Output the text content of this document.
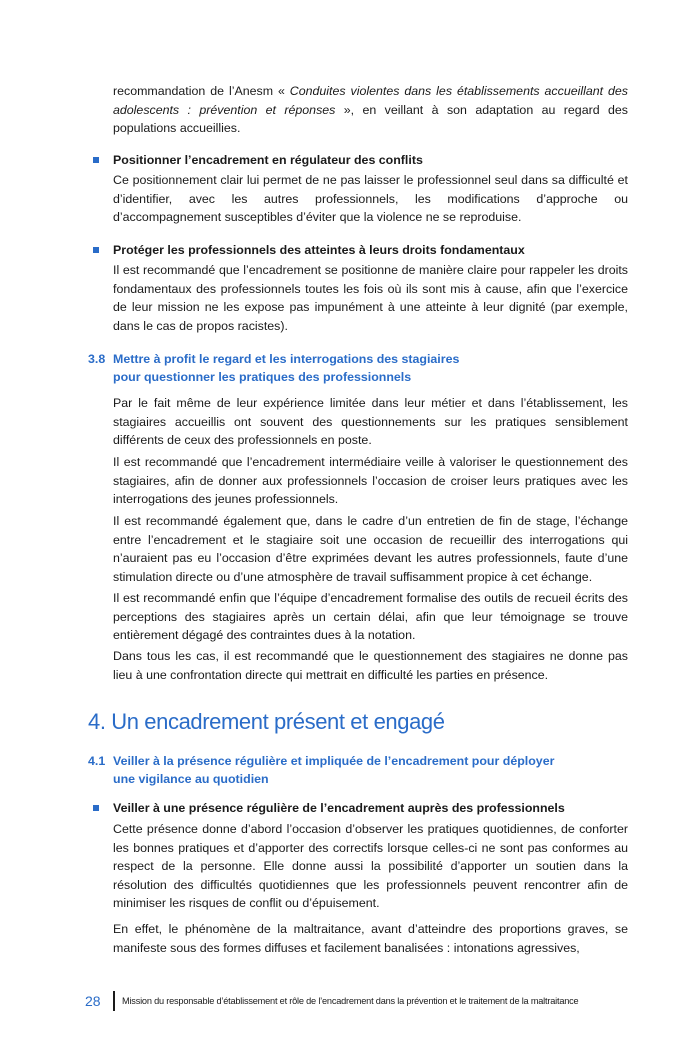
recommandation de l’Anesm « Conduites violentes dans les établissements accueillant des adolescents : prévention et réponses », en veillant à son adaptation au regard des populations accueillies.

Positionner l’encadrement en régulateur des conflits

Ce positionnement clair lui permet de ne pas laisser le professionnel seul dans sa difficulté et d’identifier, avec les autres professionnels, les modifications d’approche ou d’accompagnement susceptibles d’éviter que la violence ne se reproduise.

Protéger les professionnels des atteintes à leurs droits fondamentaux

Il est recommandé que l’encadrement se positionne de manière claire pour rappeler les droits fondamentaux des professionnels toutes les fois où ils sont mis à cause, afin que l’exercice de leur mission ne les expose pas impunément à une atteinte à leur dignité (par exemple, dans le cas de propos racistes).

3.8 Mettre à profit le regard et les interrogations des stagiaires
pour questionner les pratiques des professionnels

Par le fait même de leur expérience limitée dans leur métier et dans l’établissement, les stagiaires accueillis ont souvent des questionnements sur les pratiques sensiblement différents de ceux des professionnels en poste.

Il est recommandé que l’encadrement intermédiaire veille à valoriser le questionnement des stagiaires, afin de donner aux professionnels l’occasion de croiser leurs pratiques avec les interrogations des jeunes professionnels.

Il est recommandé également que, dans le cadre d’un entretien de fin de stage, l’échange entre l’encadrement et le stagiaire soit une occasion de recueillir des interrogations qui n’auraient pas eu l’occasion d’être exprimées devant les autres professionnels, faute d’une stimulation directe ou d’une atmosphère de travail suffisamment propice à cet échange.

Il est recommandé enfin que l’équipe d’encadrement formalise des outils de recueil écrits des perceptions des stagiaires après un certain délai, afin que leur témoignage se trouve entièrement dégagé des contraintes dues à la notation.

Dans tous les cas, il est recommandé que le questionnement des stagiaires ne donne pas lieu à une confrontation directe qui mettrait en difficulté les parties en présence.

4. Un encadrement présent et engagé
4.1 Veiller à la présence régulière et impliquée de l’encadrement pour déployer
une vigilance au quotidien
Veiller à une présence régulière de l’encadrement auprès des professionnels

Cette présence donne d’abord l’occasion d’observer les pratiques quotidiennes, de conforter les bonnes pratiques et d’apporter des correctifs lorsque celles-ci ne sont pas conformes au respect de la personne. Elle donne aussi la possibilité d’apporter un soutien dans la résolution des difficultés quotidiennes que les professionnels peuvent rencontrer afin de minimiser les risques de conflit ou d’épuisement.

En effet, le phénomène de la maltraitance, avant d’atteindre des proportions graves, se manifeste sous des formes diffuses et facilement banalisées : intonations agressives,

28 Mission du responsable d’établissement et rôle de l’encadrement dans la prévention et le traitement de la maltraitance
